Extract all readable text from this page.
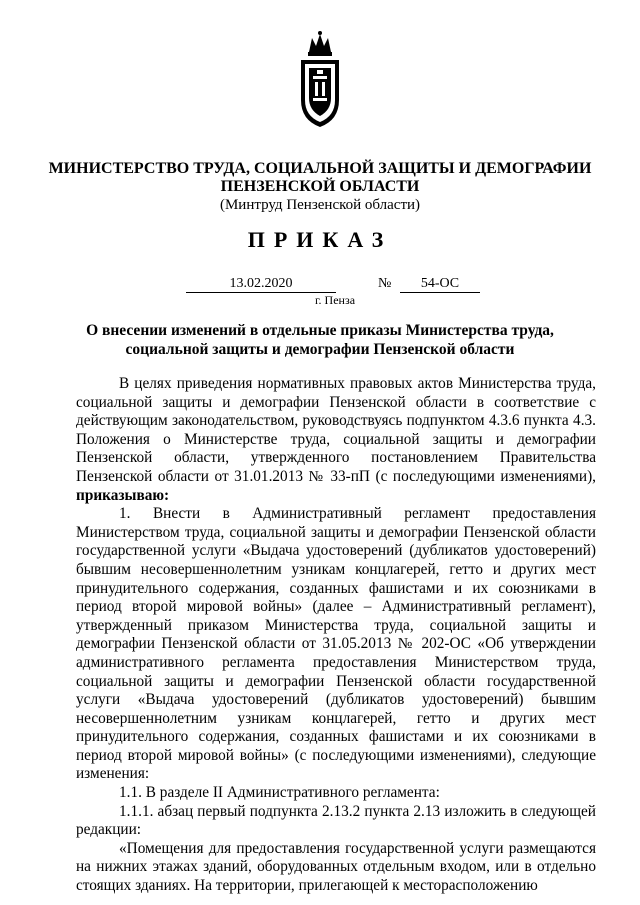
МИНИСТЕРСТВО ТРУДА, СОЦИАЛЬНОЙ ЗАЩИТЫ И ДЕМОГРАФИИ
ПЕНЗЕНСКОЙ ОБЛАСТИ
(Минтруд Пензенской области)
ПРИКАЗ
13.02.2020	№	54-ОС
г. Пенза
О внесении изменений в отдельные приказы Министерства труда,
социальной защиты и демографии Пензенской области

В целях приведения нормативных правовых актов Министерства труда, социальной защиты и демографии Пензенской области в соответствие с действующим законодательством, руководствуясь подпунктом 4.3.6 пункта 4.3. Положения о Министерстве труда, социальной защиты и демографии Пензенской области, утвержденного постановлением Правительства Пензенской области от 31.01.2013 № 33-пП (с последующими изменениями), приказываю:

1. Внести в Административный регламент предоставления Министерством труда, социальной защиты и демографии Пензенской области государственной услуги «Выдача удостоверений (дубликатов удостоверений) бывшим несовершеннолетним узникам концлагерей, гетто и других мест принудительного содержания, созданных фашистами и их союзниками в период второй мировой войны» (далее – Административный регламент), утвержденный приказом Министерства труда, социальной защиты и демографии Пензенской области от 31.05.2013 № 202-ОС «Об утверждении административного регламента предоставления Министерством труда, социальной защиты и демографии Пензенской области государственной услуги «Выдача удостоверений (дубликатов удостоверений) бывшим несовершеннолетним узникам концлагерей, гетто и других мест принудительного содержания, созданных фашистами и их союзниками в период второй мировой войны» (с последующими изменениями), следующие изменения:

1.1. В разделе II Административного регламента:

1.1.1. абзац первый подпункта 2.13.2 пункта 2.13 изложить в следующей редакции:

«Помещения для предоставления государственной услуги размещаются на нижних этажах зданий, оборудованных отдельным входом, или в отдельно стоящих зданиях. На территории, прилегающей к месторасположению
